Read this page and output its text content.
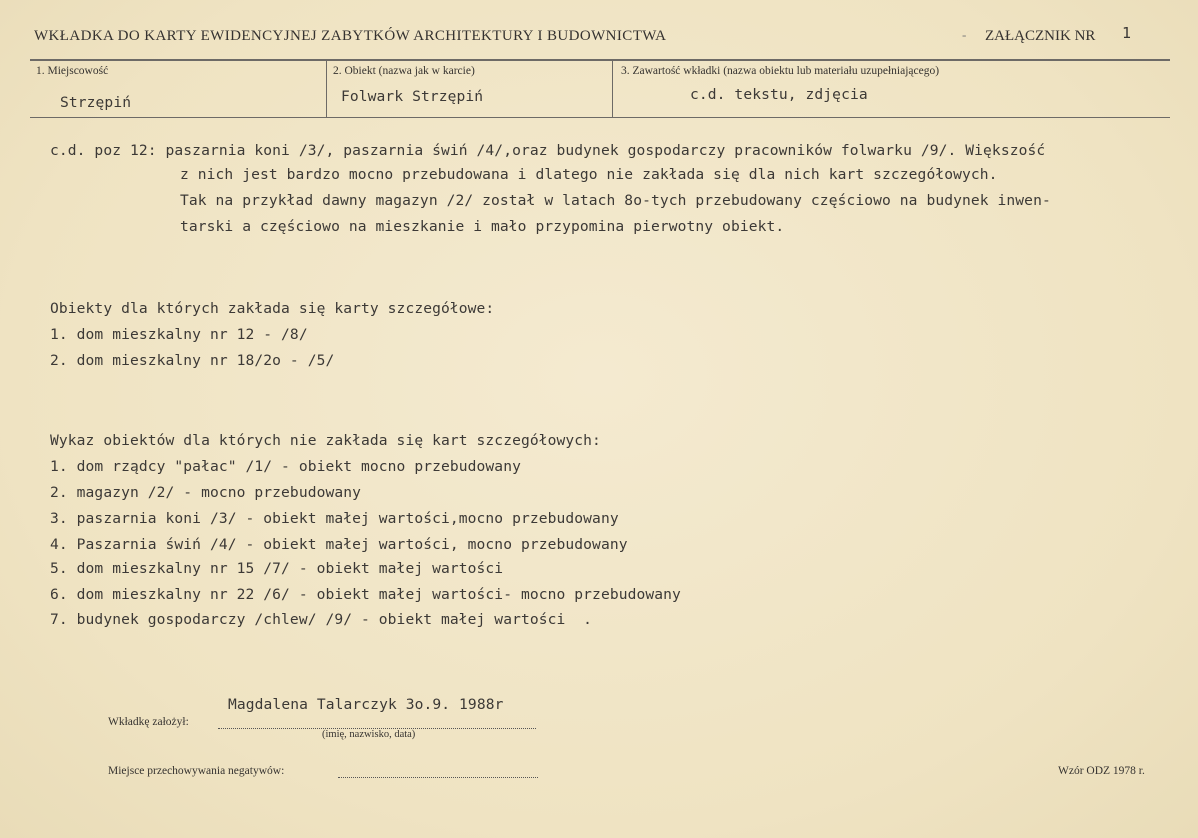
WKŁADKA DO KARTY EWIDENCYJNEJ ZABYTKÓW ARCHITEKTURY I BUDOWNICTWA	- ZAŁĄCZNIK NR 1
1. Miejscowość
Strzępiń
2. Obiekt (nazwa jak w karcie)
Folwark Strzępiń
3. Zawartość wkładki (nazwa obiektu lub materiału uzupełniającego)
c.d. tekstu, zdjęcia
c.d. poz 12: paszarnia koni /3/, paszarnia świń /4/,oraz budynek gospodarczy pracowników folwarku /9/. Większość
z nich jest bardzo mocno przebudowana i dlatego nie zakłada się dla nich kart szczegółowych.
Tak na przykład dawny magazyn /2/ został w latach 8o-tych przebudowany częściowo na budynek inwen-
tarski a częściowo na mieszkanie i mało przypomina pierwotny obiekt.
Obiekty dla których zakłada się karty szczegółowe:
1. dom mieszkalny nr 12 - /8/
2. dom mieszkalny nr 18/2o - /5/
Wykaz obiektów dla których nie zakłada się kart szczegółowych:
1. dom rządcy "pałac" /1/ - obiekt mocno przebudowany
2. magazyn /2/ - mocno przebudowany
3. paszarnia koni /3/ - obiekt małej wartości,mocno przebudowany
4. Paszarnia świń /4/ - obiekt małej wartości, mocno przebudowany
5. dom mieszkalny nr 15 /7/ - obiekt małej wartości
6. dom mieszkalny nr 22 /6/ - obiekt małej wartości- mocno przebudowany
7. budynek gospodarczy /chlew/ /9/ - obiekt małej wartości  .
Magdalena Talarczyk 3o.9. 1988r
Wkładkę założył:
(imię, nazwisko, data)
Miejsce przechowywania negatywów:	Wzór ODZ 1978 r.
